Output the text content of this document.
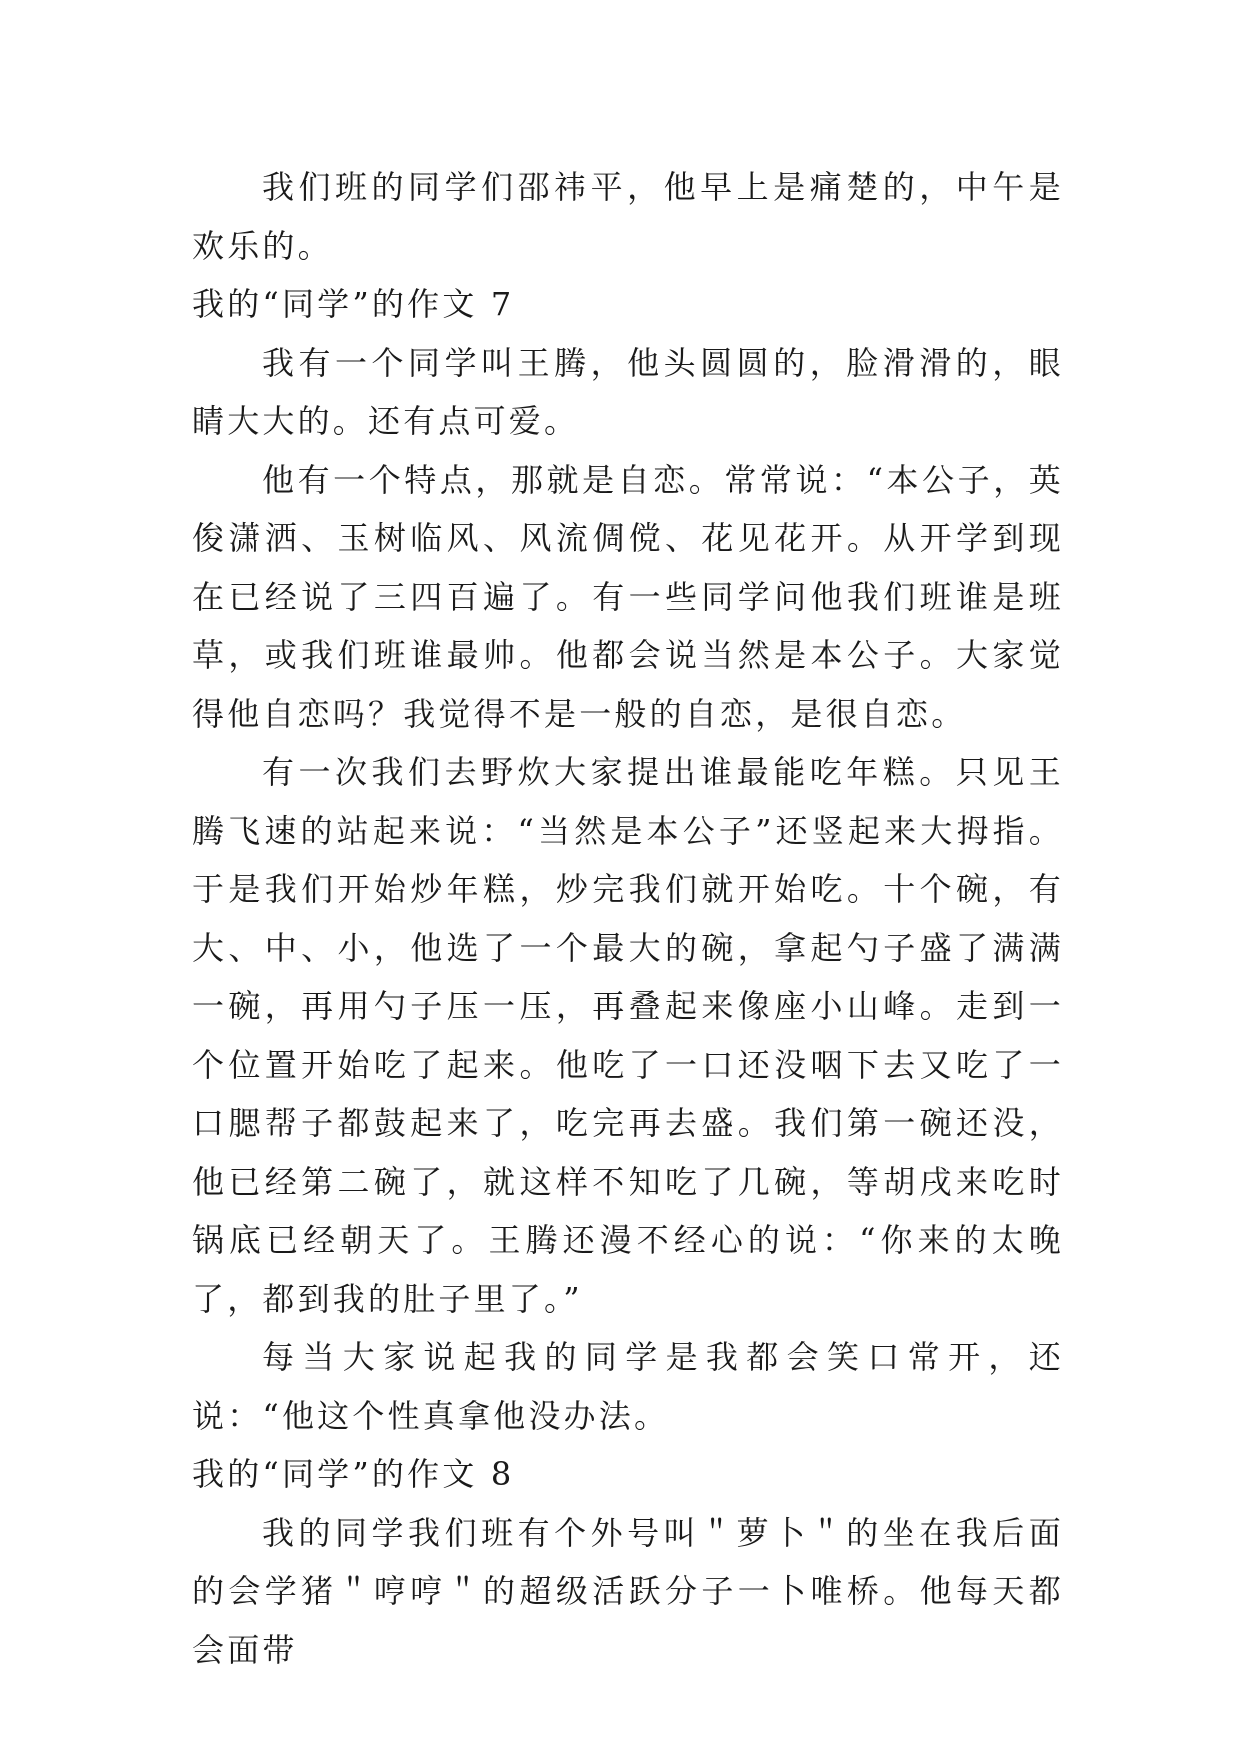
我们班的同学们邵祎平，他早上是痛楚的，中午是欢乐的。

我的“同学”的作文 7

我有一个同学叫王腾，他头圆圆的，脸滑滑的，眼睛大大的。还有点可爱。

他有一个特点，那就是自恋。常常说：“本公子，英俊潇洒、玉树临风、风流倜傥、花见花开。从开学到现在已经说了三四百遍了。有一些同学问他我们班谁是班草，或我们班谁最帅。他都会说当然是本公子。大家觉得他自恋吗？我觉得不是一般的自恋，是很自恋。

有一次我们去野炊大家提出谁最能吃年糕。只见王腾飞速的站起来说：“当然是本公子”还竖起来大拇指。于是我们开始炒年糕，炒完我们就开始吃。十个碗，有大、中、小，他选了一个最大的碗，拿起勺子盛了满满一碗，再用勺子压一压，再叠起来像座小山峰。走到一个位置开始吃了起来。他吃了一口还没咽下去又吃了一口腮帮子都鼓起来了，吃完再去盛。我们第一碗还没，他已经第二碗了，就这样不知吃了几碗，等胡戌来吃时锅底已经朝天了。王腾还漫不经心的说：“你来的太晚了，都到我的肚子里了。”

每当大家说起我的同学是我都会笑口常开，还说：“他这个性真拿他没办法。

我的“同学”的作文 8

我的同学我们班有个外号叫＂萝卜＂的坐在我后面的会学猪＂哼哼＂的超级活跃分子一卜唯桥。他每天都会面带
